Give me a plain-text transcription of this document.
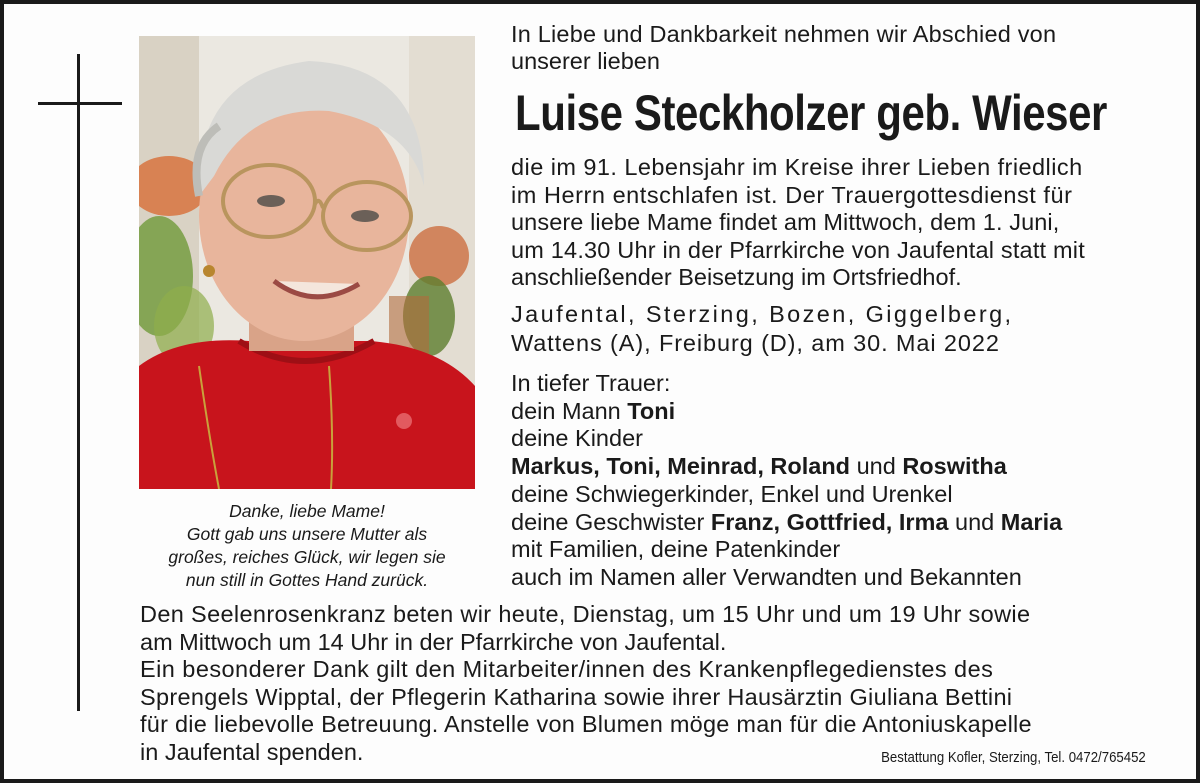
Danke, liebe Mame!
Gott gab uns unsere Mutter als
großes, reiches Glück, wir legen sie
nun still in Gottes Hand zurück.
In Liebe und Dankbarkeit nehmen wir Abschied von
unserer lieben
Luise Steckholzer geb. Wieser
die im 91. Lebensjahr im Kreise ihrer Lieben friedlich
im Herrn entschlafen ist. Der Trauergottesdienst für
unsere liebe Mame findet am Mittwoch, dem 1. Juni,
um 14.30 Uhr in der Pfarrkirche von Jaufental statt mit
anschließender Beisetzung im Ortsfriedhof.
Jaufental, Sterzing, Bozen, Giggelberg,
Wattens (A), Freiburg (D), am 30. Mai 2022
In tiefer Trauer:
dein Mann Toni
deine Kinder
Markus, Toni, Meinrad, Roland und Roswitha
deine Schwiegerkinder, Enkel und Urenkel
deine Geschwister Franz, Gottfried, Irma und Maria
mit Familien, deine Patenkinder
auch im Namen aller Verwandten und Bekannten
Den Seelenrosenkranz beten wir heute, Dienstag, um 15 Uhr und um 19 Uhr sowie
am Mittwoch um 14 Uhr in der Pfarrkirche von Jaufental.
Ein besonderer Dank gilt den Mitarbeiter/innen des Krankenpflegedienstes des
Sprengels Wipptal, der Pflegerin Katharina sowie ihrer Hausärztin Giuliana Bettini
für die liebevolle Betreuung. Anstelle von Blumen möge man für die Antoniuskapelle
in Jaufental spenden.	Bestattung Kofler, Sterzing, Tel. 0472/765452
